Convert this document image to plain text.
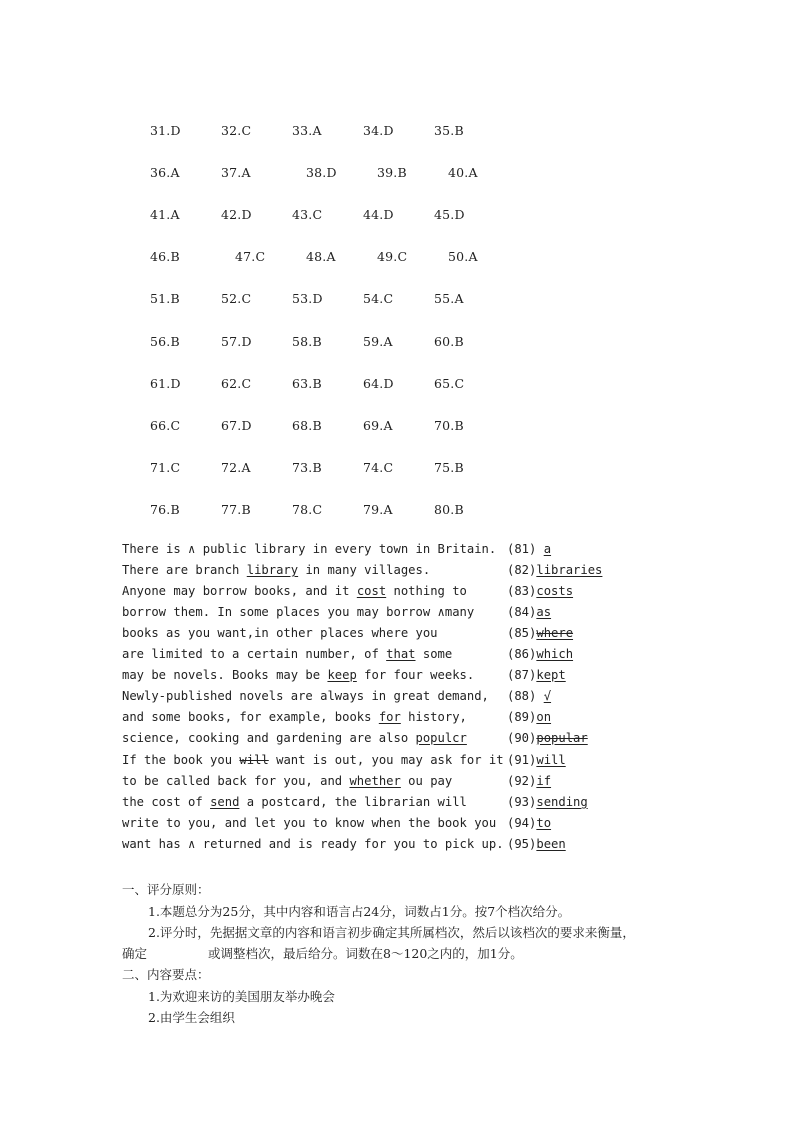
31.D	32.C	33.A	34.D	35.B
36.A	37.A	38.D	39.B	40.A
41.A	42.D	43.C	44.D	45.D
46.B	47.C	48.A	49.C	50.A
51.B	52.C	53.D	54.C	55.A
56.B	57.D	58.B	59.A	60.B
61.D	62.C	63.B	64.D	65.C
66.C	67.D	68.B	69.A	70.B
71.C	72.A	73.B	74.C	75.B
76.B	77.B	78.C	79.A	80.B
There is ∧ public library in every town in Britain. (81) a
There are branch library in many villages.	(82)libraries
Anyone may borrow books, and it cost nothing to	(83)costs
borrow them. In some places you may borrow ∧many	(84)as
books as you want,in other places where you	(85)where
are limited to a certain number, of that some	(86)which
may be novels. Books may be keep for four weeks.	(87)kept
Newly-published novels are always in great demand, (88) √
and some books, for example, books for history,	(89)on
science, cooking and gardening are also populcr	(90)popular
If the book you will want is out, you may ask for it (91)will
to be called back for you, and whether ou pay	(92)if
the cost of send a postcard, the librarian will	(93)sending
write to you, and let you to know when the book you (94)to
want has ∧ returned and is ready for you to pick up. (95)been
一、评分原则：
1.本题总分为25分，其中内容和语言占24分，词数占1分。按7个档次给分。
2.评分时，先据据文章的内容和语言初步确定其所属档次，然后以该档次的要求来衡量，
确定	或调整档次，最后给分。词数在8～120之内的，加1分。
二、内容要点：
1.为欢迎来访的美国朋友举办晚会
2.由学生会组织
